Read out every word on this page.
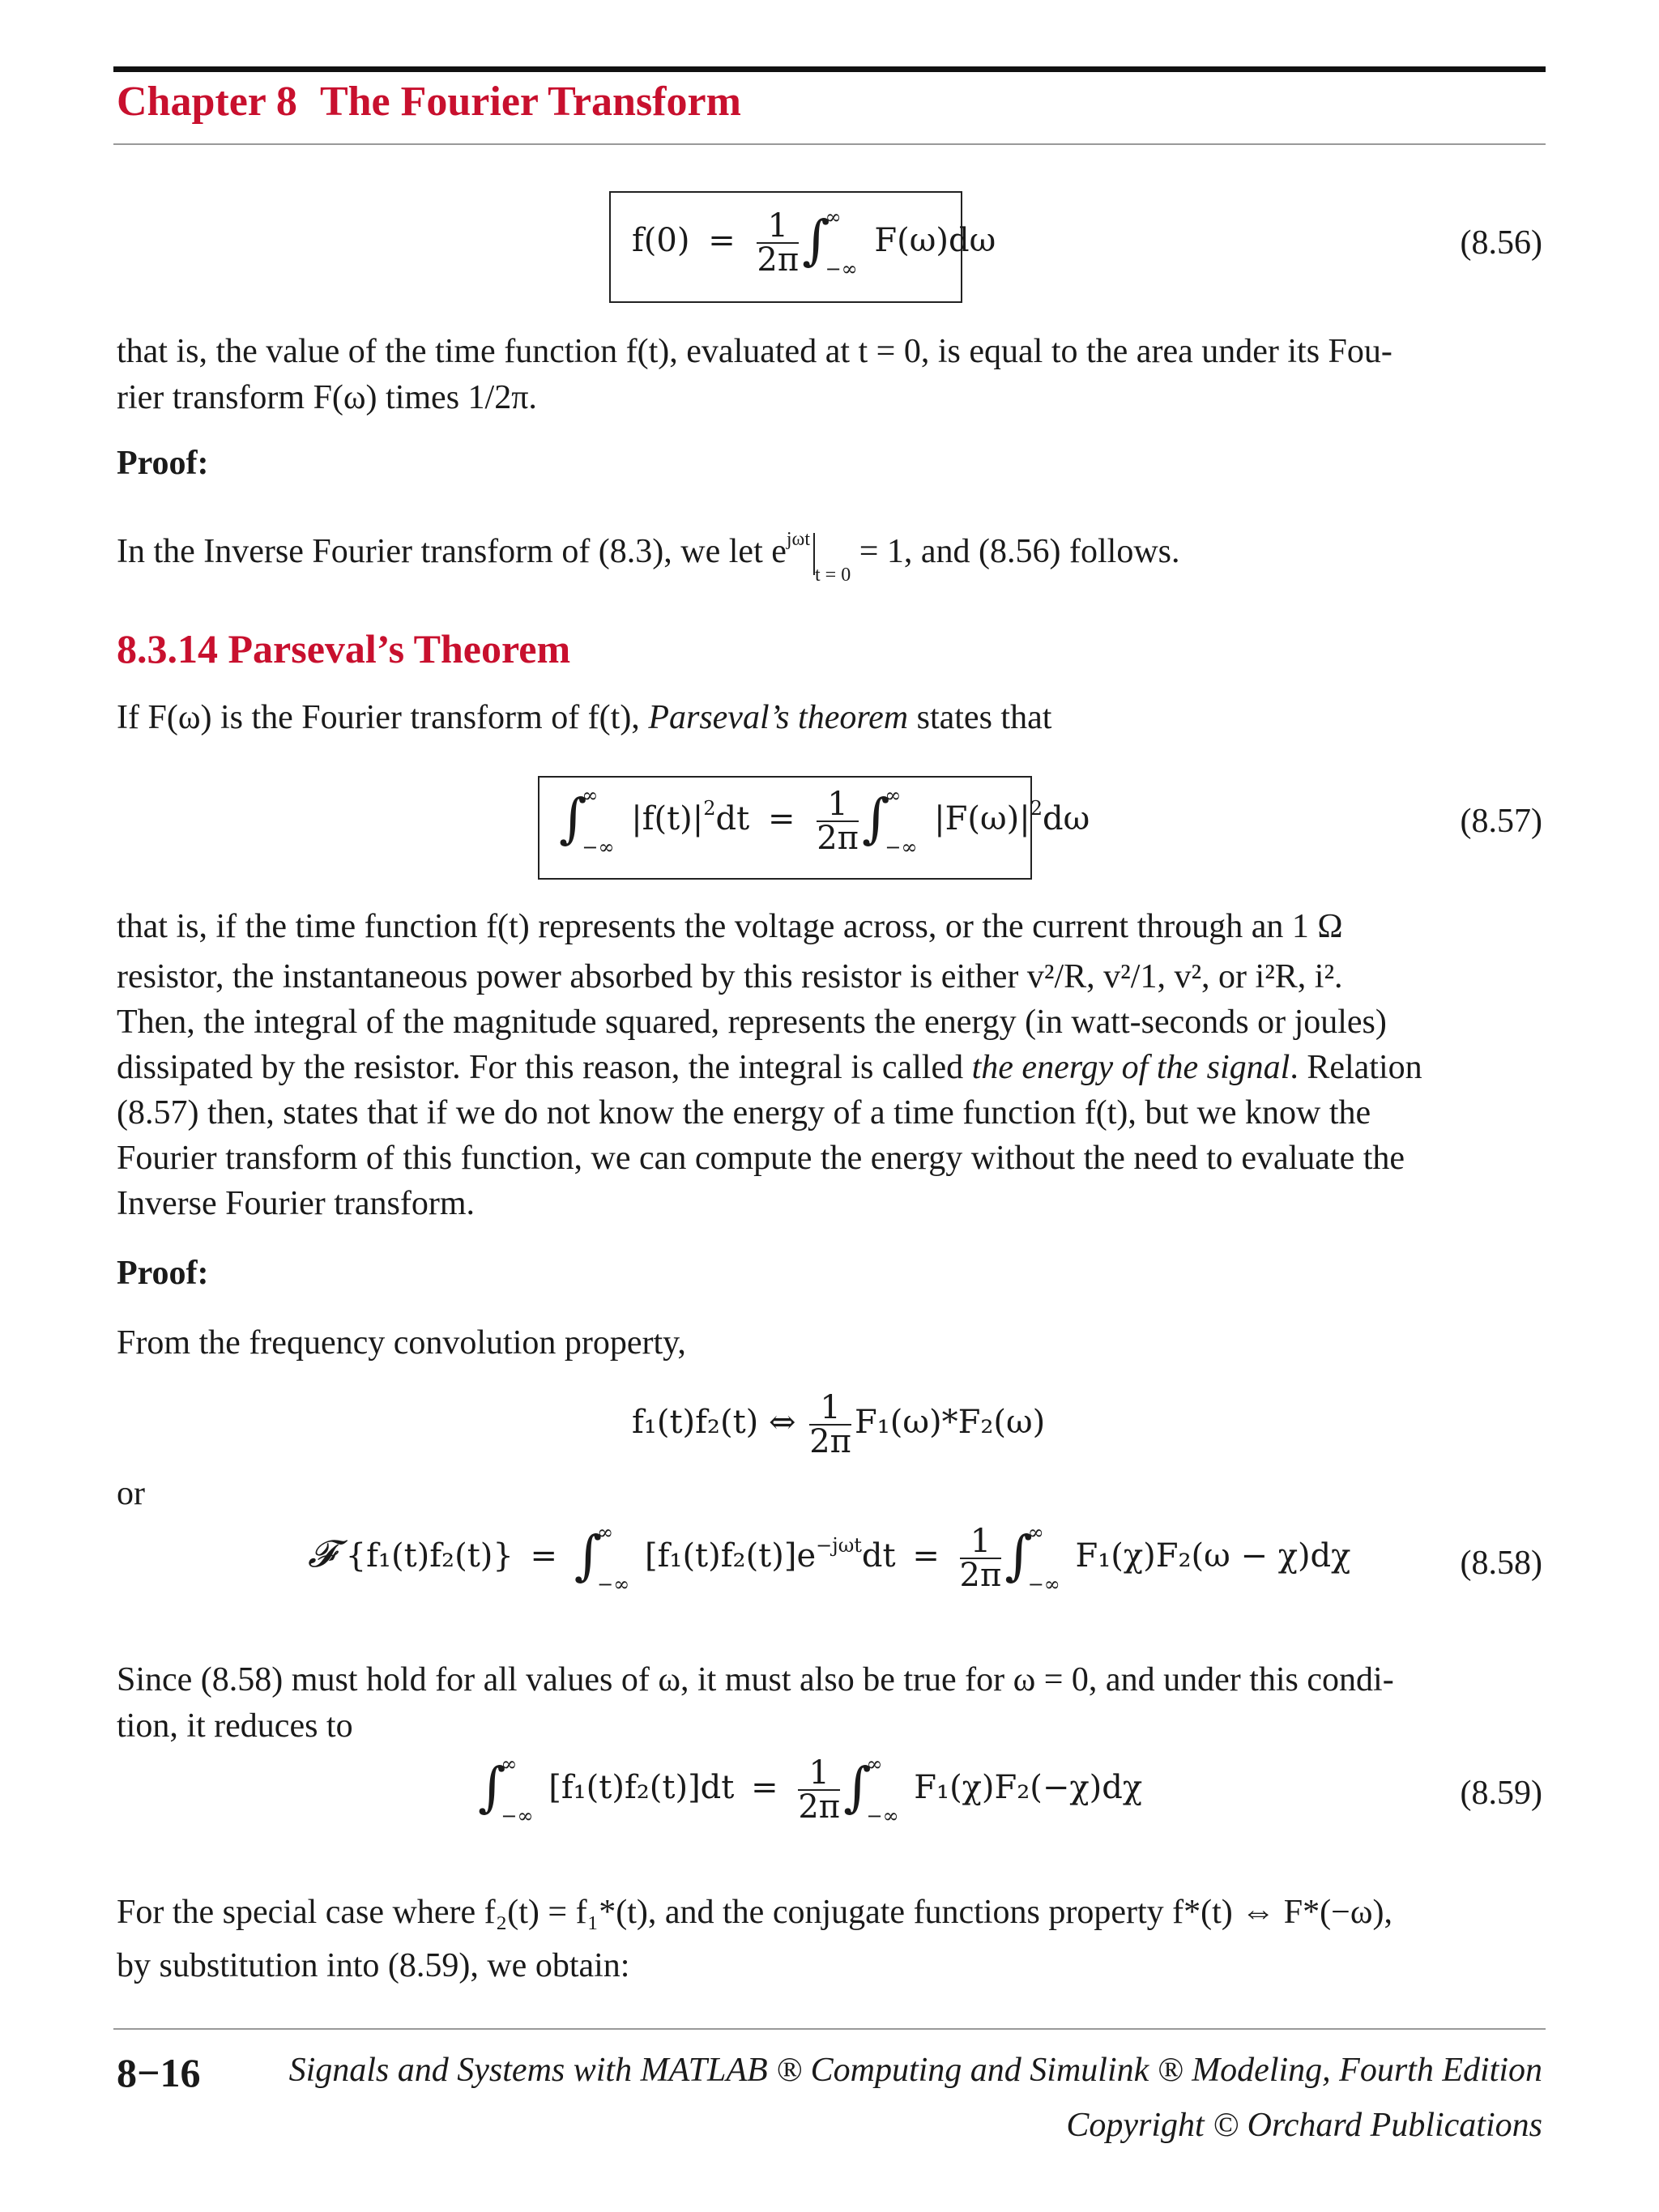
Chapter 8 The Fourier Transform
$f(0) = \frac{1}{2\pi}$ ∫
∞
−∞
F(ω)dω	(8.56)
that is, the value of the time function f(t), evaluated at t = 0, is equal to the area under its Fou-
rier transform F(ω) times 1/2π.
Proof:
In the Inverse Fourier transform of (8.3), we let $e^{j\omega t}_{t = 0} = 1$, and (8.56) follows.
8.3.14 Parseval’s Theorem
If F(ω) is the Fourier transform of f(t), Parseval’s theorem states that
∫
∞
−∞
$|f(t)|^2dt = \frac{1}{2\pi}$ ∫
∞
−∞
$|F(\omega)|^2d\omega$	(8.57)
that is, if the time function f(t) represents the voltage across, or the current through an 1 Ω
resistor, the instantaneous power absorbed by this resistor is either v²/R, v²/1, v², or i²R, i².
Then, the integral of the magnitude squared, represents the energy (in watt-seconds or joules)
dissipated by the resistor. For this reason, the integral is called the energy of the signal. Relation
(8.57) then, states that if we do not know the energy of a time function f(t), but we know the
Fourier transform of this function, we can compute the energy without the need to evaluate the
Inverse Fourier transform.
Proof:
From the frequency convolution property,
f₁(t)f₂(t) ⇔ $\frac{1}{2\pi} F_1(\omega)*F_2(\omega)$
or
𝓕 {f₁(t)f₂(t)} = ∫
∞
−∞
$[f_1(t)f_2(t)]e^{-j\omega t}dt = \frac{1}{2\pi}$ ∫
∞
−∞
F₁(χ)F₂(ω − χ)dχ	(8.58)
Since (8.58) must hold for all values of ω, it must also be true for ω = 0, and under this condi-
tion, it reduces to
∫
∞
−∞
$[f_1(t)f_2(t)]dt = \frac{1}{2\pi}$ ∫
∞
−∞
F₁(χ)F₂(−χ)dχ	(8.59)
For the special case where f₂(t) = f₁*(t), and the conjugate functions property f*(t) ⇔ F*(−ω),
by substitution into (8.59), we obtain:
8−16	Signals and Systems with MATLAB ® Computing and Simulink ® Modeling, Fourth Edition
Copyright © Orchard Publications
